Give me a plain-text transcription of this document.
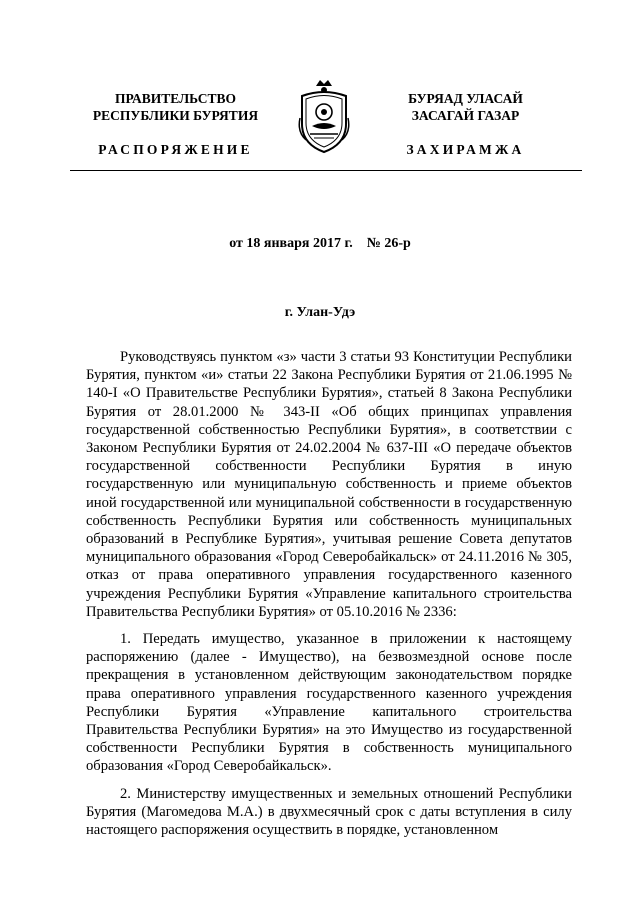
ПРАВИТЕЛЬСТВО
РЕСПУБЛИКИ БУРЯТИЯ
БУРЯАД УЛАСАЙ
ЗАСАГАЙ ГАЗАР
РАСПОРЯЖЕНИЕ	ЗАХИРАМЖА
от 18 января 2017 г. № 26-р
г. Улан-Удэ

Руководствуясь пунктом «з» части 3 статьи 93 Конституции Республики Бурятия, пунктом «и» статьи 22 Закона Республики Бурятия от 21.06.1995 № 140-I «О Правительстве Республики Бурятия», статьей 8 Закона Республики Бурятия от 28.01.2000 № 343-II «Об общих принципах управления государственной собственностью Республики Бурятия», в соответствии с Законом Республики Бурятия от 24.02.2004 № 637-III «О передаче объектов государственной собственности Республики Бурятия в иную государственную или муниципальную собственность и приеме объектов иной государственной или муниципальной собственности в государственную собственность Республики Бурятия или собственность муниципальных образований в Республике Бурятия», учитывая решение Совета депутатов муниципального образования «Город Северобайкальск» от 24.11.2016 № 305, отказ от права оперативного управления государственного казенного учреждения Республики Бурятия «Управление капитального строительства Правительства Республики Бурятия» от 05.10.2016 № 2336:

1. Передать имущество, указанное в приложении к настоящему распоряжению (далее - Имущество), на безвозмездной основе после прекращения в установленном действующим законодательством порядке права оперативного управления государственного казенного учреждения Республики Бурятия «Управление капитального строительства Правительства Республики Бурятия» на это Имущество из государственной собственности Республики Бурятия в собственность муниципального образования «Город Северобайкальск».

2. Министерству имущественных и земельных отношений Республики Бурятия (Магомедова М.А.) в двухмесячный срок с даты вступления в силу настоящего распоряжения осуществить в порядке, установленном
